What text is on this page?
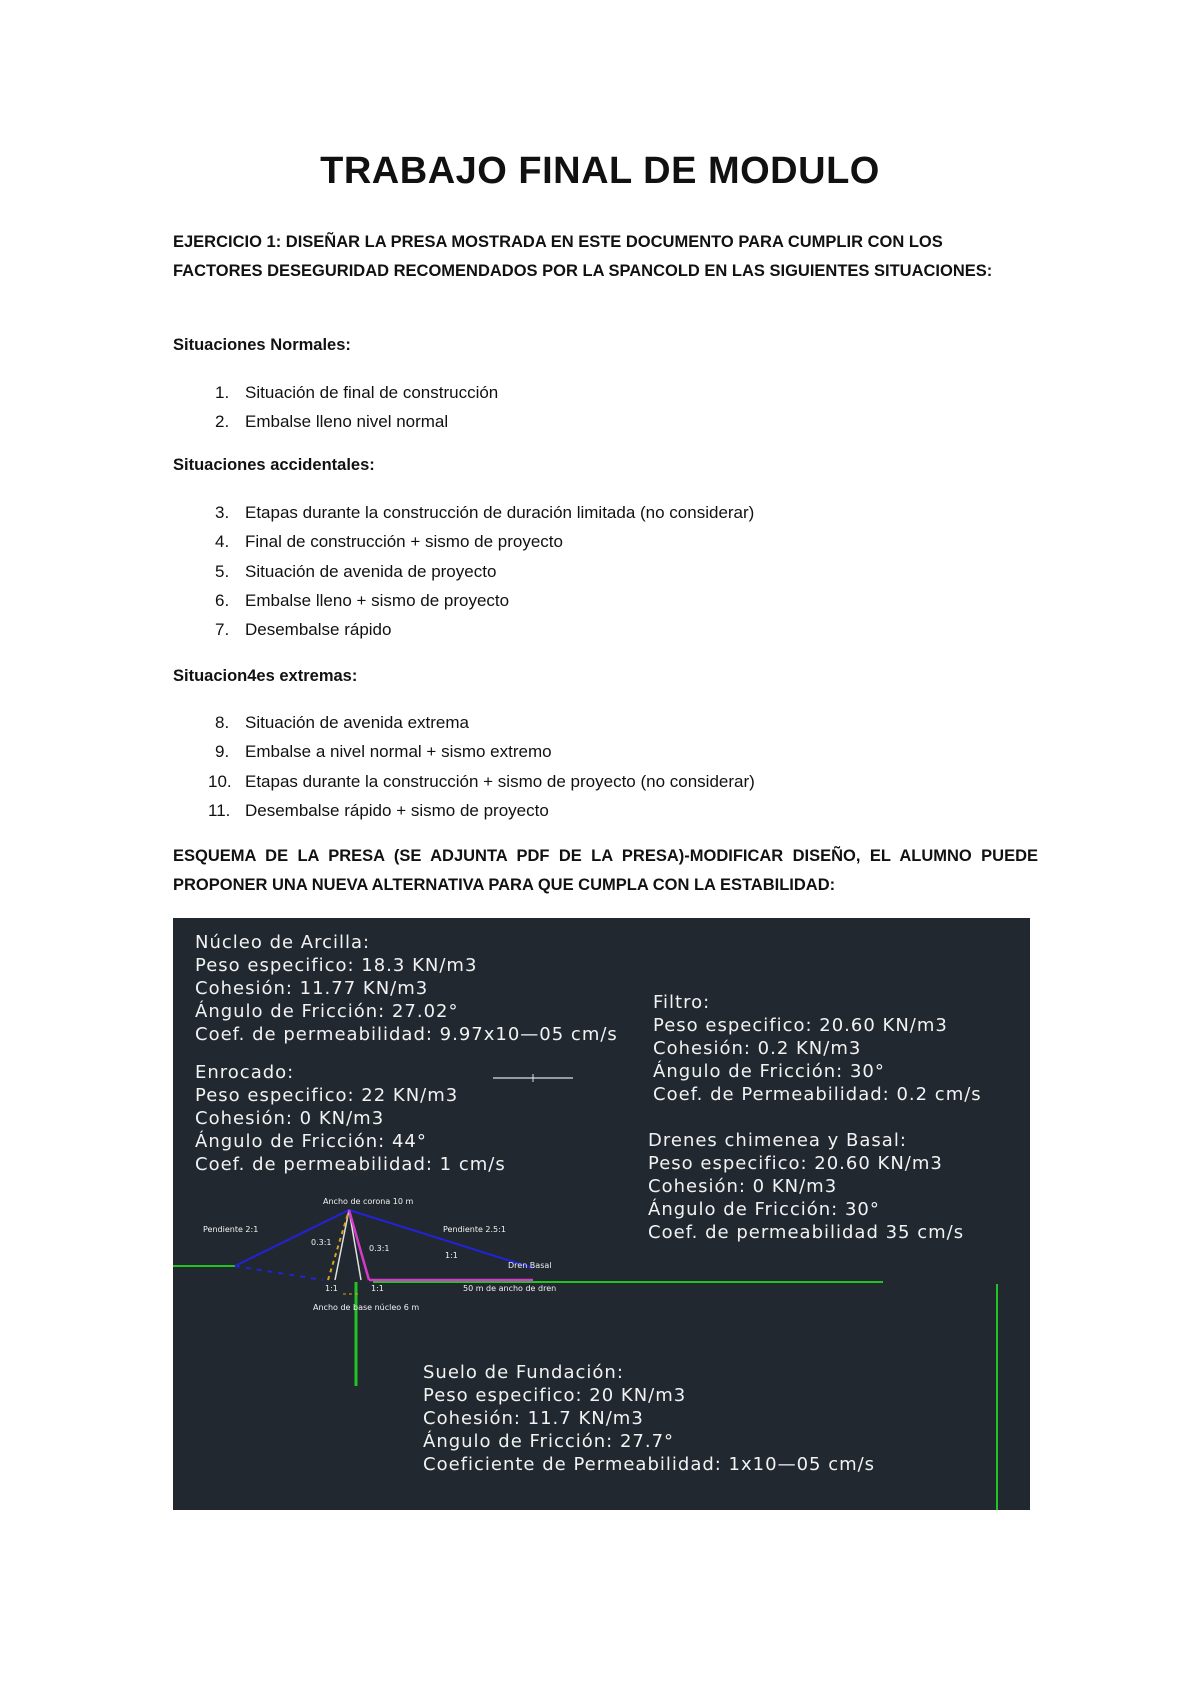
TRABAJO FINAL DE MODULO

EJERCICIO 1: DISEÑAR LA PRESA MOSTRADA EN ESTE DOCUMENTO PARA CUMPLIR CON LOS FACTORES DESEGURIDAD RECOMENDADOS POR LA SPANCOLD EN LAS SIGUIENTES SITUACIONES:

Situaciones Normales:

1. Situación de final de construcción
2. Embalse lleno nivel normal

Situaciones accidentales:

3. Etapas durante la construcción de duración limitada (no considerar)
4. Final de construcción + sismo de proyecto
5. Situación de avenida de proyecto
6. Embalse lleno + sismo de proyecto
7. Desembalse rápido

Situacion4es extremas:

8. Situación de avenida extrema
9. Embalse a nivel normal + sismo extremo
10. Etapas durante la construcción + sismo de proyecto (no considerar)
11. Desembalse rápido + sismo de proyecto

ESQUEMA DE LA PRESA (SE ADJUNTA PDF DE LA PRESA)-MODIFICAR DISEÑO, EL ALUMNO PUEDE PROPONER UNA NUEVA ALTERNATIVA PARA QUE CUMPLA CON LA ESTABILIDAD:

Núcleo de Arcilla:
Peso especifico: 18.3 KN/m3
Cohesión: 11.77 KN/m3
Ángulo de Fricción: 27.02°
Coef. de permeabilidad: 9.97x10—05 cm/s
Enrocado:
Peso especifico: 22 KN/m3
Cohesión: 0 KN/m3
Ángulo de Fricción: 44°
Coef. de permeabilidad: 1 cm/s
Filtro:
Peso especifico: 20.60 KN/m3
Cohesión: 0.2 KN/m3
Ángulo de Fricción: 30°
Coef. de Permeabilidad: 0.2 cm/s
Drenes chimenea y Basal:
Peso especifico: 20.60 KN/m3
Cohesión: 0 KN/m3
Ángulo de Fricción: 30°
Coef. de permeabilidad 35 cm/s
Suelo de Fundación:
Peso especifico: 20 KN/m3
Cohesión: 11.7 KN/m3
Ángulo de Fricción: 27.7°
Coeficiente de Permeabilidad: 1x10—05 cm/s
Ancho de corona 10 m
Pendiente 2:1	Pendiente 2.5:1
0.3:1
0.3:1
1:1
Dren Basal
1:1	1:1
Ancho de base núcleo 6 m
50 m de ancho de dren
